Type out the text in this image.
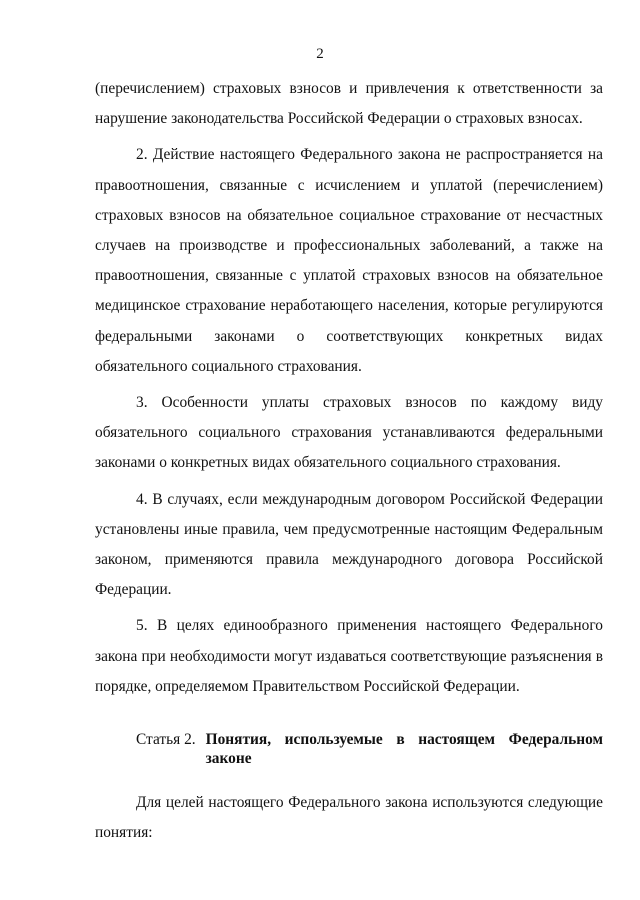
2

(перечислением) страховых взносов и привлечения к ответственности за нарушение законодательства Российской Федерации о страховых взносах.

2. Действие настоящего Федерального закона не распространяется на правоотношения, связанные с исчислением и уплатой (перечислением) страховых взносов на обязательное социальное страхование от несчастных случаев на производстве и профессиональных заболеваний, а также на правоотношения, связанные с уплатой страховых взносов на обязательное медицинское страхование неработающего населения, которые регулируются федеральными законами о соответствующих конкретных видах обязательного социального страхования.

3. Особенности уплаты страховых взносов по каждому виду обязательного социального страхования устанавливаются федеральными законами о конкретных видах обязательного социального страхования.

4. В случаях, если международным договором Российской Федерации установлены иные правила, чем предусмотренные настоящим Федеральным законом, применяются правила международного договора Российской Федерации.

5. В целях единообразного применения настоящего Федерального закона при необходимости могут издаваться соответствующие разъяснения в порядке, определяемом Правительством Российской Федерации.

Статья 2. Понятия, используемые в настоящем Федеральном законе

Для целей настоящего Федерального закона используются следующие понятия:
